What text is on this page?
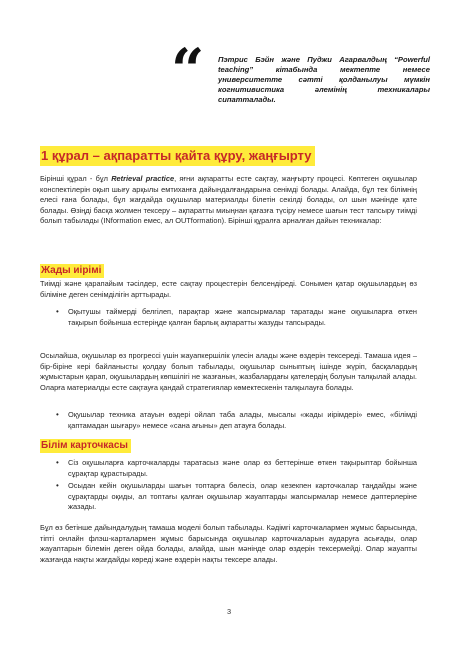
“ Пэтрис Бэйн және Пуджи Агарвалдың “Powerful teaching” кітабында мектепте немесе университетте сәтті қолданылуы мүмкін когнитивистика әлемінің техникалары сипатталады.
1 құрал – ақпаратты қайта құру, жаңғырту
Бірінші құрал - бұл Retrieval practice, яғни ақпаратты есте сақтау, жаңғырту процесі. Көптеген оқушылар конспектілерін оқып шығу арқылы емтиханға дайындалғандарына сенімді болады. Алайда, бұл тек білімнің елесі ғана болады, бұл жағдайда оқушылар материалды білетін секілді болады, ол шын мәнінде қате болады. Өзіңді басқа жолмен тексеру – ақпаратты миыңнан қағазға түсіру немесе шағын тест тапсыру тиімді болып табылады (INformation емес, ал OUTformation). Бірінші құралға арналған дайын техникалар:
Жады иірімі
Тиімді және қарапайым тәсілдер, есте сақтау процестерін белсендіреді. Сонымен қатар оқушылардың өз біліміне деген сенімділігін арттырады.
• Оқытушы таймерді белгілеп, парақтар және жапсырмалар таратады және оқушыларға өткен тақырып бойынша естеріңде қалған барлық ақпаратты жазуды тапсырады.
Осылайша, оқушылар өз прогрессі үшін жауапкершілік үлесін алады және өздерін тексереді. Тамаша идея – бір-біріне кері байланысты қолдау болып табылады, оқушылар сыныптың ішінде жүріп, басқалардың жұмыстарын қарап, оқушылардың көпшілігі не жазғанын, жазбалардағы қателердің болуын талқылай алады. Оларға материалды есте сақтауға қандай стратегиялар көмектескенін талқылауға болады.
• Оқушылар техника атауын өздері ойлап таба алады, мысалы «жады иірімдері» емес, «білімді қаптамадан шығару» немесе «сана ағыны» деп атауға болады.
Білім карточкасы
• Сіз оқушыларға карточкаларды таратасыз және олар өз беттерінше өткен тақырыптар бойынша сұрақтар құрастырады.
• Осыдан кейін оқушыларды шағын топтарға бөлесіз, олар кезекпен карточкалар таңдайды және сұрақтарды оқиды, ал топтағы қалған оқушылар жауаптарды жапсырмалар немесе дәптерлеріне жазады.
Бұл өз бетінше дайындалудың тамаша моделі болып табылады. Кәдімгі карточкалармен жұмыс барысында, тіпті онлайн флэш-карталармен жұмыс барысында оқушылар карточкаларын аударуға асығады, олар жауаптарын білемін деген ойда болады, алайда, шын мәнінде олар өздерін тексермейді. Олар жауапты жазғанда нақты жағдайды көреді және өздерін нақты тексере алады.
3
